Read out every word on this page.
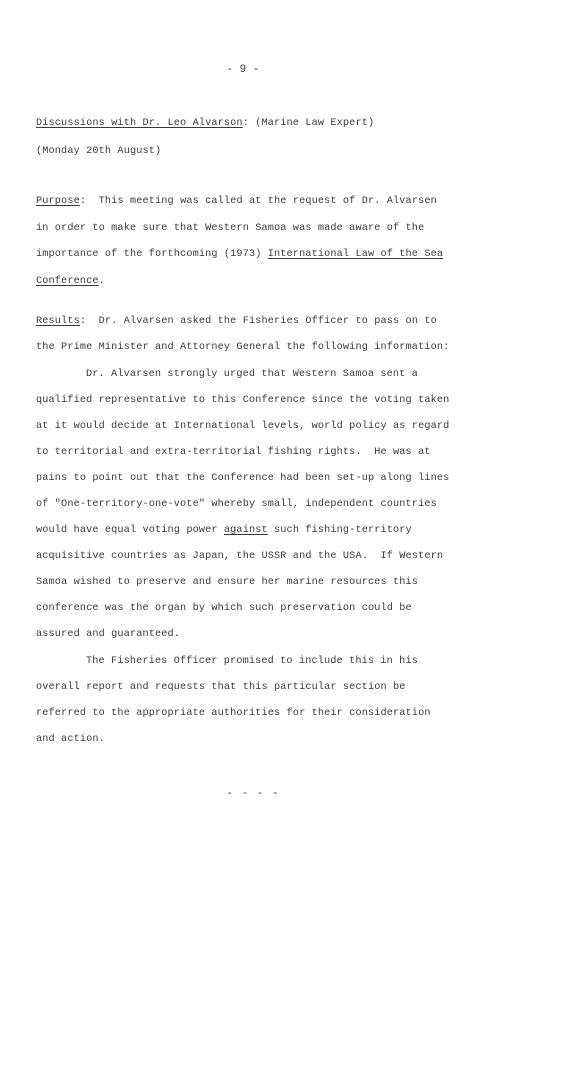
- 9 -
Discussions with Dr. Leo Alvarson: (Marine Law Expert)
(Monday 20th August)
Purpose:  This meeting was called at the request of Dr. Alvarsen
in order to make sure that Western Samoa was made aware of the
importance of the forthcoming (1973) International Law of the Sea
Conference.
Results:  Dr. Alvarsen asked the Fisheries Officer to pass on to
the Prime Minister and Attorney General the following information:
Dr. Alvarsen strongly urged that Western Samoa sent a
qualified representative to this Conference since the voting taken
at it would decide at International levels, world policy as regard
to territorial and extra-territorial fishing rights.  He was at
pains to point out that the Conference had been set-up along lines
of "One-territory-one-vote" whereby small, independent countries
would have equal voting power against such fishing-territory
acquisitive countries as Japan, the USSR and the USA.  If Western
Samoa wished to preserve and ensure her marine resources this
conference was the organ by which such preservation could be
assured and guaranteed.
The Fisheries Officer promised to include this in his
overall report and requests that this particular section be
referred to the appropriate authorities for their consideration
and action.
- - - -
